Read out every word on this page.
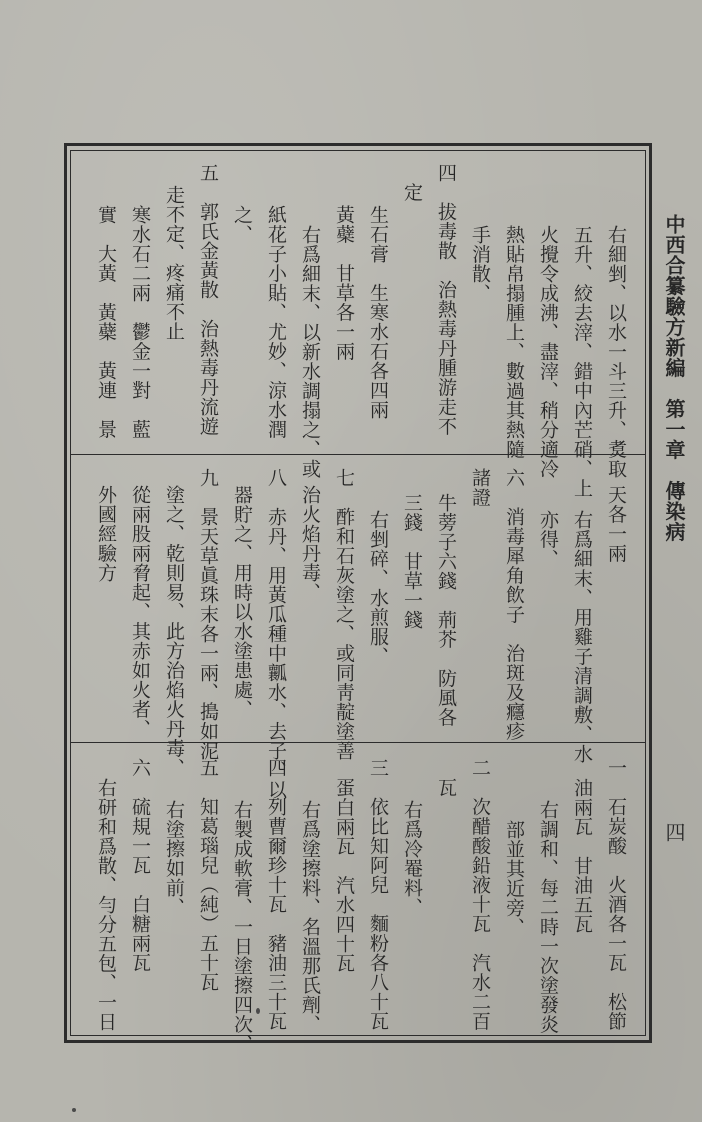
中西合纂驗方新編　第一章　傳染病
四
右細剉、以水一斗三升、煑取
五升、絞去滓、錯中內芒硝、上
火攪令成沸、盡滓、稍分適冷
熱貼帛搨腫上、數過其熱隨
手消散、
四　拔毒散　治熱毒丹腫游走不
　定
生石膏　生寒水石各四兩
黃蘗　甘草各一兩
右爲細末、以新水調搨之、或
紙花子小貼、尤妙、涼水潤
之、
五　郭氏金黃散　治熱毒丹流遊
走不定、疼痛不止
寒水石二兩　鬱金一對　藍
實　大黃　黃蘗　黃連　景
天各一兩
右爲細末、用雞子清調敷、水
亦得、
六　消毒犀角飲子　治斑及癮疹
諸證
牛蒡子六錢　荊芥　防風各
三錢　甘草一錢
右剉碎、水煎服、
七　酢和石灰塗之、或同靑靛塗善
治火焰丹毒、
八　赤丹、用黃瓜種中瓤水、去子、以
器貯之、用時以水塗患處、
九　景天草眞珠末各一兩、搗如泥
塗之、乾則易、此方治焰火丹毒、
從兩股兩脅起、其赤如火者、
外國經驗方
一　石炭酸　火酒各一瓦　松節
油兩瓦　甘油五瓦
右調和、每二時一次塗發炎
部並其近旁、
二　次醋酸鉛液十瓦　汽水二百
瓦
右爲冷罨料、
三　依比知阿兒　麵粉各八十瓦
蛋白兩瓦　汽水四十瓦
右爲塗擦料、名溫那氏劑、
四　列曹爾珍十瓦　豬油三十瓦
右製成軟膏、一日塗擦四次、
五　知葛瑙兒（純）五十瓦
右塗擦如前、
六　硫規一瓦　白糖兩瓦
右研和爲散、勻分五包、一日
